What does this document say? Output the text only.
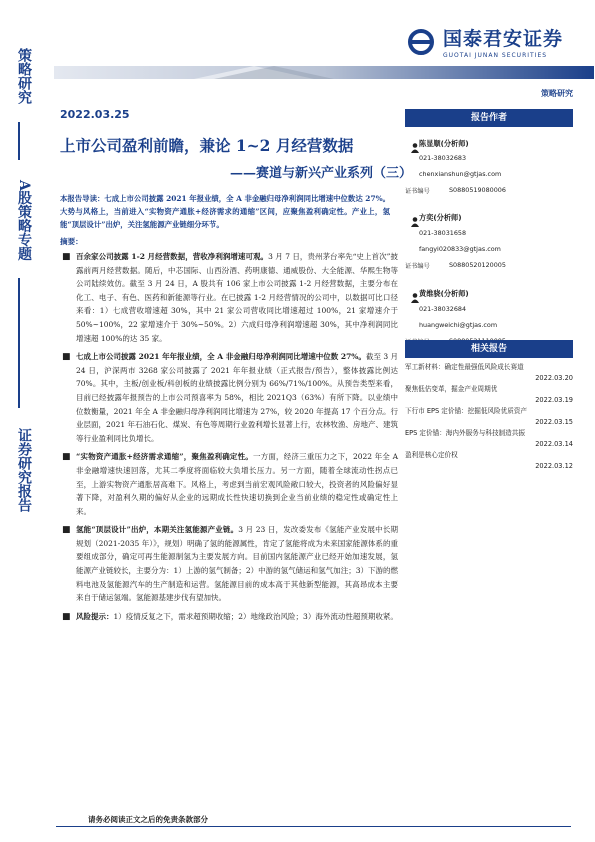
策略研究
A股策略专题
证券研究报告
国泰君安证券
GUOTAI JUNAN SECURITIES
策略研究
2022.03.25
上市公司盈利前瞻，兼论 1~2 月经营数据
——赛道与新兴产业系列（三）
本报告导读：七成上市公司披露 2021 年报业绩，全 A 非金融归母净利润同比增速中位数达 27%。大势与风格上，当前进入“实物资产通胀+经济需求的通缩”区间，应聚焦盈利确定性。产业上，氢能“顶层设计”出炉，关注氢能源产业链细分环节。
摘要：
■ 百余家公司披露 1-2 月经营数据，营收净利润增速可观。3 月 7 日，贵州茅台率先“史上首次”披露前两月经营数据。随后，中芯国际、山西汾酒、药明康德、通威股份、大全能源、华熙生物等公司陆续效仿。截至 3 月 24 日，A 股共有 106 家上市公司披露 1-2 月经营数据，主要分布在化工、电子、有色、医药和新能源等行业。在已披露 1-2 月经营情况的公司中，以数据可比口径来看：1）七成营收增速超 30%，其中 21 家公司营收同比增速超过 100%，21 家增速介于 50%~100%，22 家增速介于 30%~50%。2）六成归母净利润增速超 30%，其中净利润同比增速超 100%的达 35 家。
■ 七成上市公司披露 2021 年年报业绩，全 A 非金融归母净利润同比增速中位数 27%。截至 3 月 24 日，沪深两市 3268 家公司披露了 2021 年年报业绩（正式报告/预告），整体披露比例达 70%。其中，主板/创业板/科创板的业绩披露比例分别为 66%/71%/100%。从预告类型来看，目前已经披露年报预告的上市公司预喜率为 58%，相比 2021Q3（63%）有所下降。以业绩中位数衡量，2021 年全 A 非金融归母净利润同比增速为 27%，较 2020 年提高 17 个百分点。行业层面，2021 年石油石化、煤炭、有色等周期行业盈利增长显著上行，农林牧渔、房地产、建筑等行业盈利同比负增长。
■ “实物资产通胀+经济需求通缩”，聚焦盈利确定性。一方面，经济三重压力之下，2022 年全 A 非金融增速快速回落，尤其二季度将面临较大负增长压力。另一方面，随着全球流动性拐点已至，上游实物资产通胀居高难下。风格上，考虑到当前宏观风险敞口较大，投资者的风险偏好显著下降，对盈利久期的偏好从企业的远期成长性快速切换到企业当前业绩的稳定性或确定性上来。
■ 氢能“顶层设计”出炉，本期关注氢能源产业链。3 月 23 日，发改委发布《氢能产业发展中长期规划（2021-2035 年）》，规划）明确了氢的能源属性，肯定了氢能将成为未来国家能源体系的重要组成部分，确定可再生能源制氢为主要发展方向。目前国内氢能源产业已经开始加速发展，氢能源产业链较长，主要分为：1）上游的氢气制备；2）中游的氢气储运和氢气加注；3）下游的燃料电池及氢能源汽车的生产制造和运营。氢能源目前的成本高于其他新型能源，其高昂成本主要来自于储运氢端。氢能源基建步伐有望加快。
■ 风险提示：1）疫情反复之下，需求超预期收缩；2）地缘政治风险；3）海外流动性超预期收紧。
报告作者
陈显顺(分析师)
021-38032683
chenxianshun@gtjas.com
证书编号	S0880519080006
方奕(分析师)
021-38031658
fangyi020833@gtjas.com
证书编号	S0880520120005
黄维骁(分析师)
021-38032684
huangweichi@gtjas.com
相关报告
军工新材料：确定性最强低风险成长赛道
2022.03.20
聚焦低估变革，掘金产业周期优
2022.03.19
下行市 EPS 定价锚：挖掘低风险优质资产
2022.03.15
EPS 定价锚：海内外服务与科技制造共振
2022.03.14
盈利是核心定价权
2022.03.12
请务必阅读正文之后的免责条款部分
